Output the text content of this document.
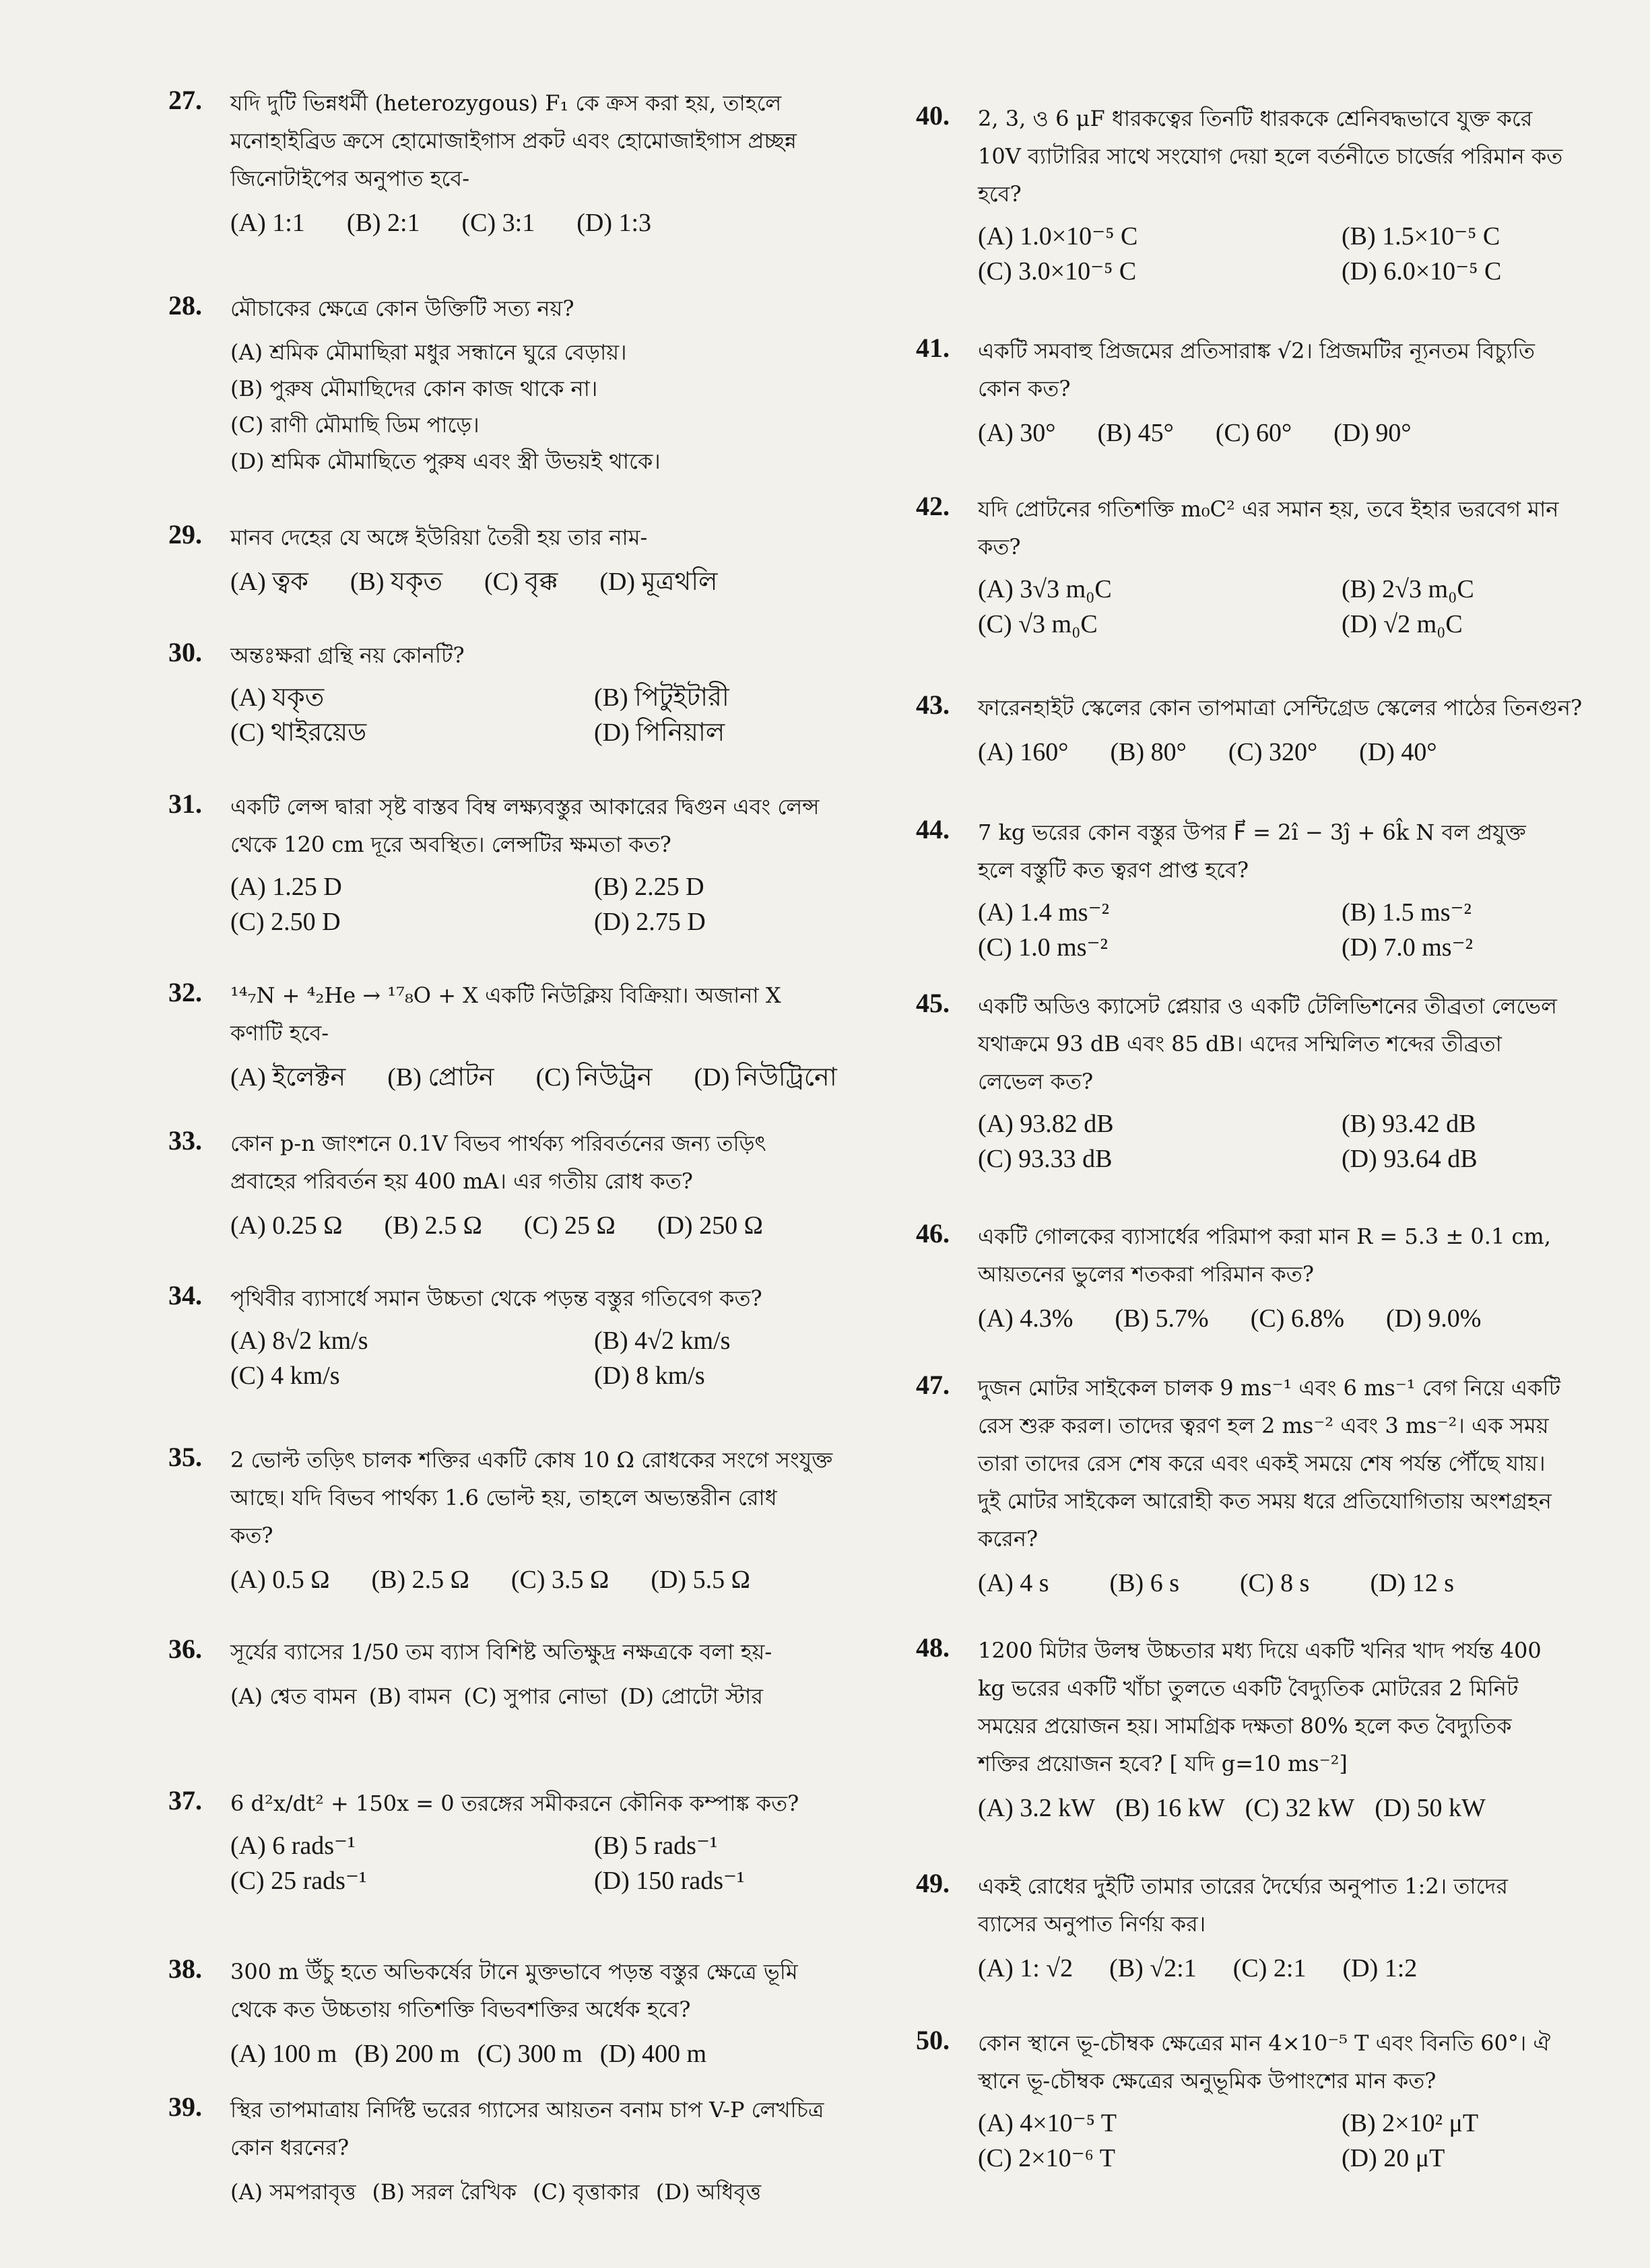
27. যদি দুটি ভিন্নধর্মী (heterozygous) F₁ কে ক্রস করা হয়, তাহলে
মনোহাইব্রিড ক্রসে হোমোজাইগাস প্রকট এবং হোমোজাইগাস প্রচ্ছন্ন
জিনোটাইপের অনুপাত হবে-
(A) 1:1 (B) 2:1 (C) 3:1 (D) 1:3
28. মৌচাকের ক্ষেত্রে কোন উক্তিটি সত্য নয়?
(A) শ্রমিক মৌমাছিরা মধুর সন্ধানে ঘুরে বেড়ায়।
(B) পুরুষ মৌমাছিদের কোন কাজ থাকে না।
(C) রাণী মৌমাছি ডিম পাড়ে।
(D) শ্রমিক মৌমাছিতে পুরুষ এবং স্ত্রী উভয়ই থাকে।
29. মানব দেহের যে অঙ্গে ইউরিয়া তৈরী হয় তার নাম-
(A) ত্বক (B) যকৃত (C) বৃক্ক (D) মূত্রথলি
30. অন্তঃক্ষরা গ্রন্থি নয় কোনটি?
(A) যকৃত	(B) পিটুইটারী
(C) থাইরয়েড	(D) পিনিয়াল
31. একটি লেন্স দ্বারা সৃষ্ট বাস্তব বিম্ব লক্ষ্যবস্তুর আকারের দ্বিগুন এবং লেন্স
থেকে 120 cm দূরে অবস্থিত। লেন্সটির ক্ষমতা কত?
(A) 1.25 D	(B) 2.25 D
(C) 2.50 D	(D) 2.75 D
32. ¹⁴₇N + ⁴₂He → ¹⁷₈O + X একটি নিউক্লিয় বিক্রিয়া। অজানা X
কণাটি হবে-
(A) ইলেক্টন (B) প্রোটন (C) নিউট্রন (D) নিউট্রিনো
33. কোন p-n জাংশনে 0.1V বিভব পার্থক্য পরিবর্তনের জন্য তড়িৎ
প্রবাহের পরিবর্তন হয় 400 mA। এর গতীয় রোধ কত?
(A) 0.25 Ω (B) 2.5 Ω (C) 25 Ω (D) 250 Ω
34. পৃথিবীর ব্যাসার্ধে সমান উচ্চতা থেকে পড়ন্ত বস্তুর গতিবেগ কত?
(A) 8√2 km/s	(B) 4√2 km/s
(C) 4 km/s	(D) 8 km/s
35. 2 ভোল্ট তড়িৎ চালক শক্তির একটি কোষ 10 Ω রোধকের সংগে সংযুক্ত
আছে। যদি বিভব পার্থক্য 1.6 ভোল্ট হয়, তাহলে অভ্যন্তরীন রোধ
কত?
(A) 0.5 Ω (B) 2.5 Ω (C) 3.5 Ω (D) 5.5 Ω
36. সূর্যের ব্যাসের 1/50 তম ব্যাস বিশিষ্ট অতিক্ষুদ্র নক্ষত্রকে বলা হয়-
(A) শ্বেত বামন (B) বামন (C) সুপার নোভা (D) প্রোটো স্টার
37. 6 d²x/dt² + 150x = 0 তরঙ্গের সমীকরনে কৌনিক কম্পাঙ্ক কত?
(A) 6 rads⁻¹	(B) 5 rads⁻¹
(C) 25 rads⁻¹	(D) 150 rads⁻¹
38. 300 m উঁচু হতে অভিকর্ষের টানে মুক্তভাবে পড়ন্ত বস্তুর ক্ষেত্রে ভূমি
থেকে কত উচ্চতায় গতিশক্তি বিভবশক্তির অর্ধেক হবে?
(A) 100 m (B) 200 m (C) 300 m (D) 400 m
39. স্থির তাপমাত্রায় নির্দিষ্ট ভরের গ্যাসের আয়তন বনাম চাপ V-P লেখচিত্র
কোন ধরনের?
(A) সমপরাবৃত্ত (B) সরল রৈখিক (C) বৃত্তাকার (D) অধিবৃত্ত
40. 2, 3, ও 6 μF ধারকত্বের তিনটি ধারককে শ্রেনিবদ্ধভাবে যুক্ত করে
10V ব্যাটারির সাথে সংযোগ দেয়া হলে বর্তনীতে চার্জের পরিমান কত
হবে?
(A) 1.0×10⁻⁵ C	(B) 1.5×10⁻⁵ C
(C) 3.0×10⁻⁵ C	(D) 6.0×10⁻⁵ C
41. একটি সমবাহু প্রিজমের প্রতিসারাঙ্ক √2। প্রিজমটির ন্যূনতম বিচ্যুতি
কোন কত?
(A) 30° (B) 45° (C) 60° (D) 90°
42. যদি প্রোটনের গতিশক্তি m₀C² এর সমান হয়, তবে ইহার ভরবেগ মান
কত?
(A) 3√3 m₀C	(B) 2√3 m₀C
(C) √3 m₀C	(D) √2 m₀C
43. ফারেনহাইট স্কেলের কোন তাপমাত্রা সেন্টিগ্রেড স্কেলের পাঠের তিনগুন?
(A) 160° (B) 80° (C) 320° (D) 40°
44. 7 kg ভরের কোন বস্তুর উপর F⃗ = 2î − 3ĵ + 6k̂ N বল প্রযুক্ত
হলে বস্তুটি কত ত্বরণ প্রাপ্ত হবে?
(A) 1.4 ms⁻²	(B) 1.5 ms⁻²
(C) 1.0 ms⁻²	(D) 7.0 ms⁻²
45. একটি অডিও ক্যাসেট প্লেয়ার ও একটি টেলিভিশনের তীব্রতা লেভেল
যথাক্রমে 93 dB এবং 85 dB। এদের সম্মিলিত শব্দের তীব্রতা
লেভেল কত?
(A) 93.82 dB	(B) 93.42 dB
(C) 93.33 dB	(D) 93.64 dB
46. একটি গোলকের ব্যাসার্ধের পরিমাপ করা মান R = 5.3 ± 0.1 cm,
আয়তনের ভুলের শতকরা পরিমান কত?
(A) 4.3% (B) 5.7% (C) 6.8% (D) 9.0%
47. দুজন মোটর সাইকেল চালক 9 ms⁻¹ এবং 6 ms⁻¹ বেগ নিয়ে একটি
রেস শুরু করল। তাদের ত্বরণ হল 2 ms⁻² এবং 3 ms⁻²। এক সময়
তারা তাদের রেস শেষ করে এবং একই সময়ে শেষ পর্যন্ত পৌঁছে যায়।
দুই মোটর সাইকেল আরোহী কত সময় ধরে প্রতিযোগিতায় অংশগ্রহন
করেন?
(A) 4 s (B) 6 s (C) 8 s (D) 12 s
48. 1200 মিটার উলম্ব উচ্চতার মধ্য দিয়ে একটি খনির খাদ পর্যন্ত 400
kg ভরের একটি খাঁচা তুলতে একটি বৈদ্যুতিক মোটরের 2 মিনিট
সময়ের প্রয়োজন হয়। সামগ্রিক দক্ষতা 80% হলে কত বৈদ্যুতিক
শক্তির প্রয়োজন হবে? [ যদি g=10 ms⁻²]
(A) 3.2 kW (B) 16 kW (C) 32 kW (D) 50 kW
49. একই রোধের দুইটি তামার তারের দৈর্ঘ্যের অনুপাত 1:2। তাদের
ব্যাসের অনুপাত নির্ণয় কর।
(A) 1: √2 (B) √2:1 (C) 2:1 (D) 1:2
50. কোন স্থানে ভূ-চৌম্বক ক্ষেত্রের মান 4×10⁻⁵ T এবং বিনতি 60°। ঐ
স্থানে ভূ-চৌম্বক ক্ষেত্রের অনুভূমিক উপাংশের মান কত?
(A) 4×10⁻⁵ T	(B) 2×10² μT
(C) 2×10⁻⁶ T	(D) 20 μT
